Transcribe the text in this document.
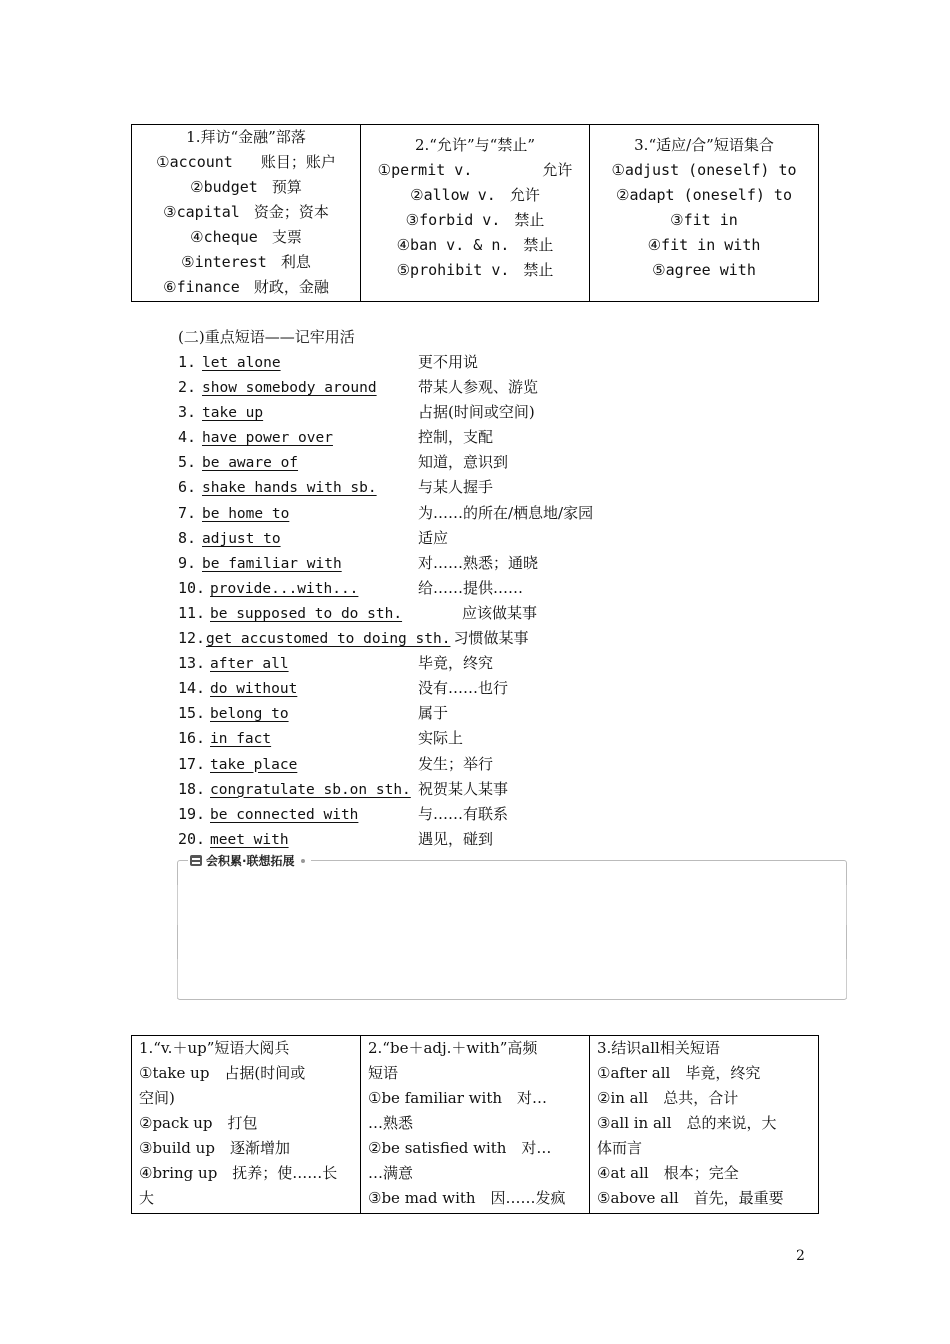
1.拜访“金融”部落
①account 账目；账户
②budget 预算
③capital 资金；资本
④cheque 支票
⑤interest 利息
⑥finance 财政，金融
2.“允许”与“禁止”
①permit v.	允许
②allow v. 允许
③forbid v. 禁止
④ban v. & n. 禁止
⑤prohibit v. 禁止
3.“适应/合”短语集合
①adjust (oneself) to
②adapt (oneself) to
③fit in
④fit in with
⑤agree with
(二)重点短语——记牢用活
1. let alone	更不用说
2. show somebody around	带某人参观、游览
3. take up	占据(时间或空间)
4. have power over	控制，支配
5. be aware of	知道，意识到
6. shake hands with sb.	与某人握手
7. be home to	为……的所在/栖息地/家园
8. adjust to	适应
9. be familiar with	对……熟悉；通晓
10. provide...with...	给……提供……
11. be supposed to do sth.	应该做某事
12.get accustomed to doing sth. 习惯做某事
13. after all	毕竟，终究
14. do without	没有……也行
15. belong to	属于
16. in fact	实际上
17. take place	发生；举行
18. congratulate sb.on sth. 祝贺某人某事
19. be connected with	与……有联系
20. meet with	遇见，碰到
会积累·联想拓展
1.“v.＋up”短语大阅兵
①take up　占据(时间或
空间)
②pack up　打包
③build up　逐渐增加
④bring up　抚养；使……长
大
2.“be＋adj.＋with”高频
短语
①be familiar with　对…
…熟悉
②be satisfied with　对…
…满意
③be mad with　因……发疯
3.结识all相关短语
①after all　毕竟，终究
②in all　总共，合计
③all in all　总的来说，大
体而言
④at all　根本；完全
⑤above all　首先，最重要
2
